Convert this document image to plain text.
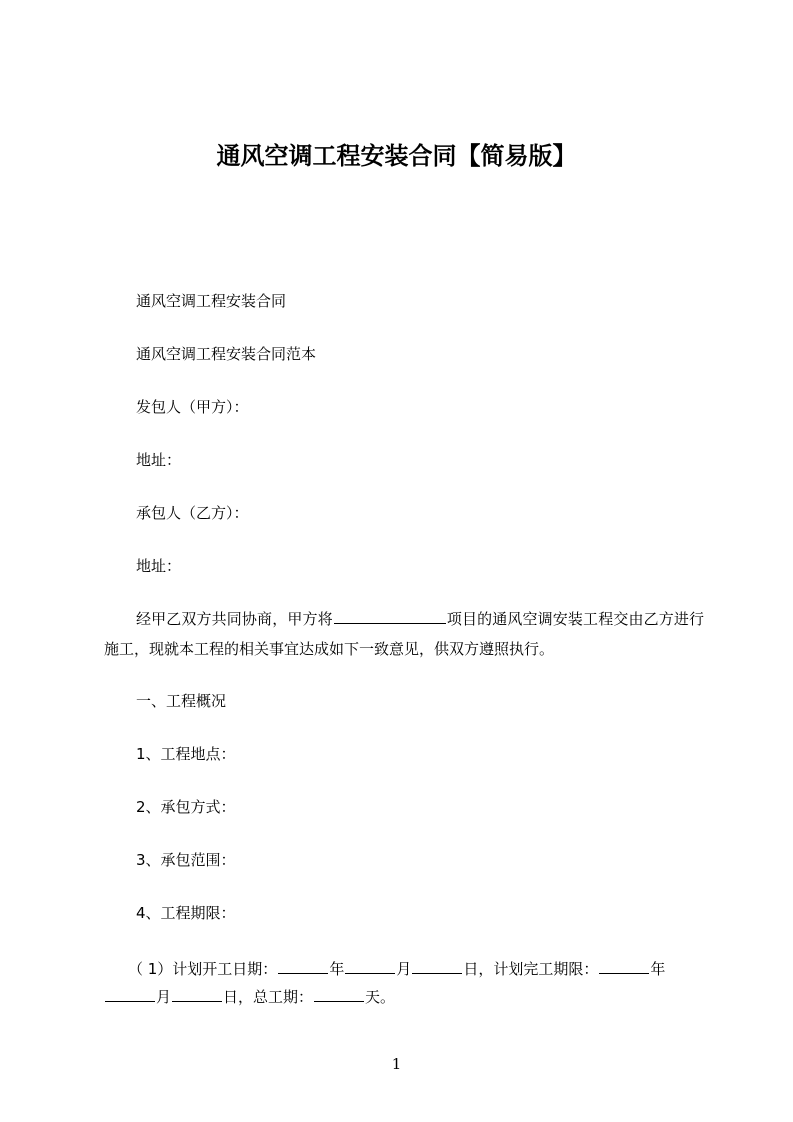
通风空调工程安装合同【简易版】
通风空调工程安装合同
通风空调工程安装合同范本
发包人（甲方）：
地址：
承包人（乙方）：
地址：
经甲乙双方共同协商，甲方将	项目的通风空调安装工程交由乙方进行施工，现就本工程的相关事宜达成如下一致意见，供双方遵照执行。
一、工程概况
1、工程地点：
2、承包方式：
3、承包范围：
4、工程期限：
（ 1）计划开工日期：	年	月	日，计划完工期限：	年
月	日，总工期：	天。
1
